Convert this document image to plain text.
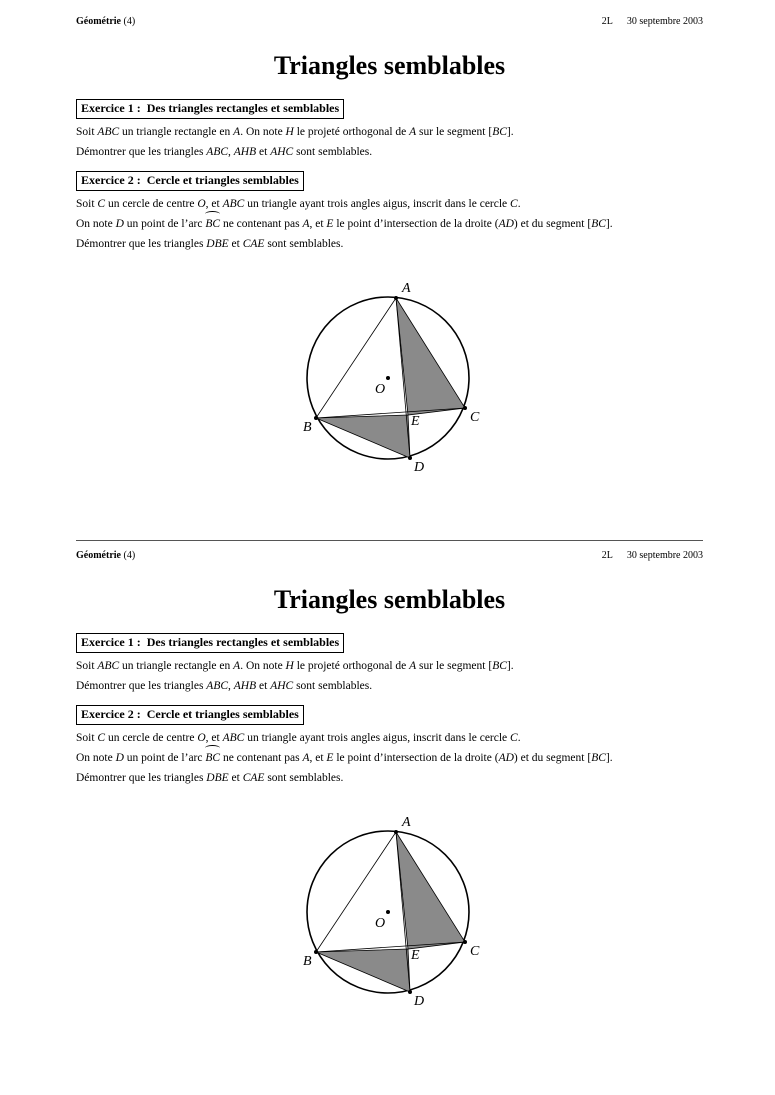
Géométrie (4)	2L 30 septembre 2003
Triangles semblables
Exercice 1 : Des triangles rectangles et semblables
Soit ABC un triangle rectangle en A. On note H le projeté orthogonal de A sur le segment [BC].
Démontrer que les triangles ABC, AHB et AHC sont semblables.
Exercice 2 : Cercle et triangles semblables
Soit C un cercle de centre O, et ABC un triangle ayant trois angles aigus, inscrit dans le cercle C.
On note D un point de l’arc
BC ne contenant pas A, et E le point d’intersection de la droite (AD) et du segment [BC].
Démontrer que les triangles DBE et CAE sont semblables.
A
B
C
D
E
O
Géométrie (4)	2L 30 septembre 2003
Triangles semblables
Exercice 1 : Des triangles rectangles et semblables
Soit ABC un triangle rectangle en A. On note H le projeté orthogonal de A sur le segment [BC].
Démontrer que les triangles ABC, AHB et AHC sont semblables.
Exercice 2 : Cercle et triangles semblables
Soit C un cercle de centre O, et ABC un triangle ayant trois angles aigus, inscrit dans le cercle C.
On note D un point de l’arc
BC ne contenant pas A, et E le point d’intersection de la droite (AD) et du segment [BC].
Démontrer que les triangles DBE et CAE sont semblables.
A
B
C
D
E
O
